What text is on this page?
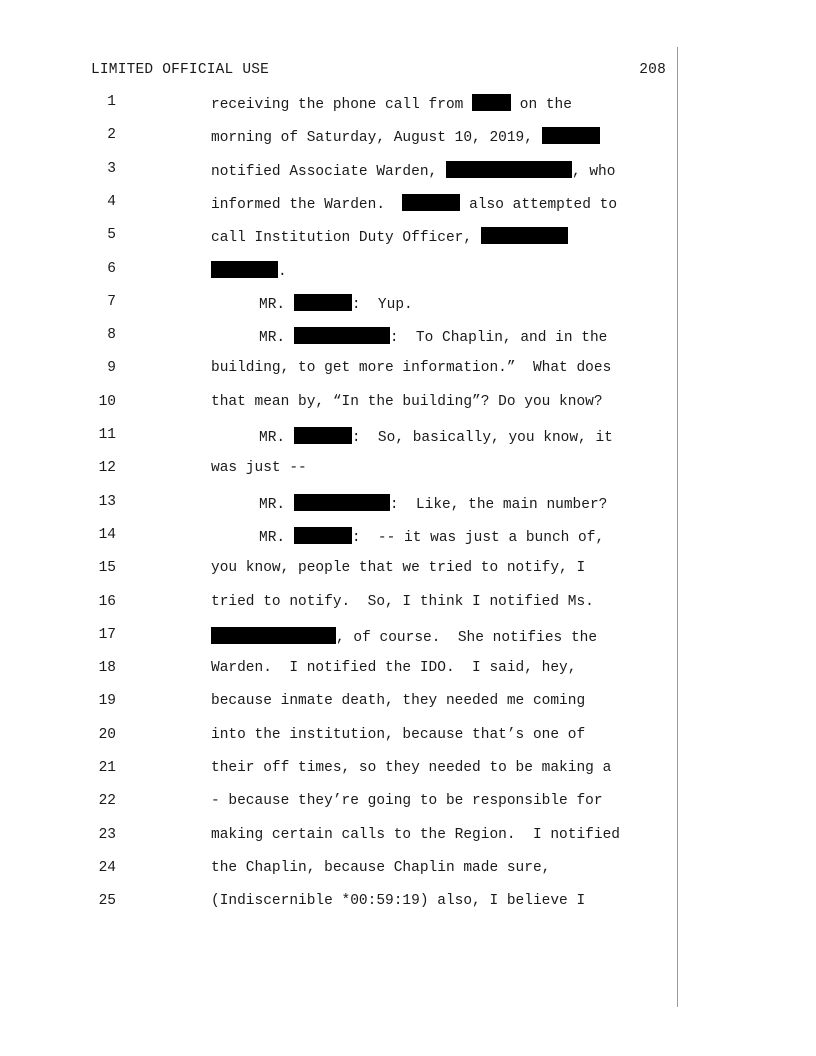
LIMITED OFFICIAL USE	208
1	receiving the phone call from	on the
2	morning of Saturday, August 10, 2019,
3	notified Associate Warden,	, who
4	informed the Warden.	also attempted to
5	call Institution Duty Officer,
6	.
7	MR.	:  Yup.
8	MR.	:  To Chaplin, and in the
9	building, to get more information.”  What does
10	that mean by, “In the building”? Do you know?
11	MR.	:  So, basically, you know, it
12	was just --
13	MR.	:  Like, the main number?
14	MR.	:  -- it was just a bunch of,
15	you know, people that we tried to notify, I
16	tried to notify.  So, I think I notified Ms.
17	, of course.  She notifies the
18	Warden.  I notified the IDO.  I said, hey,
19	because inmate death, they needed me coming
20	into the institution, because that’s one of
21	their off times, so they needed to be making a
22	- because they’re going to be responsible for
23	making certain calls to the Region.  I notified
24	the Chaplin, because Chaplin made sure,
25	(Indiscernible *00:59:19) also, I believe I
